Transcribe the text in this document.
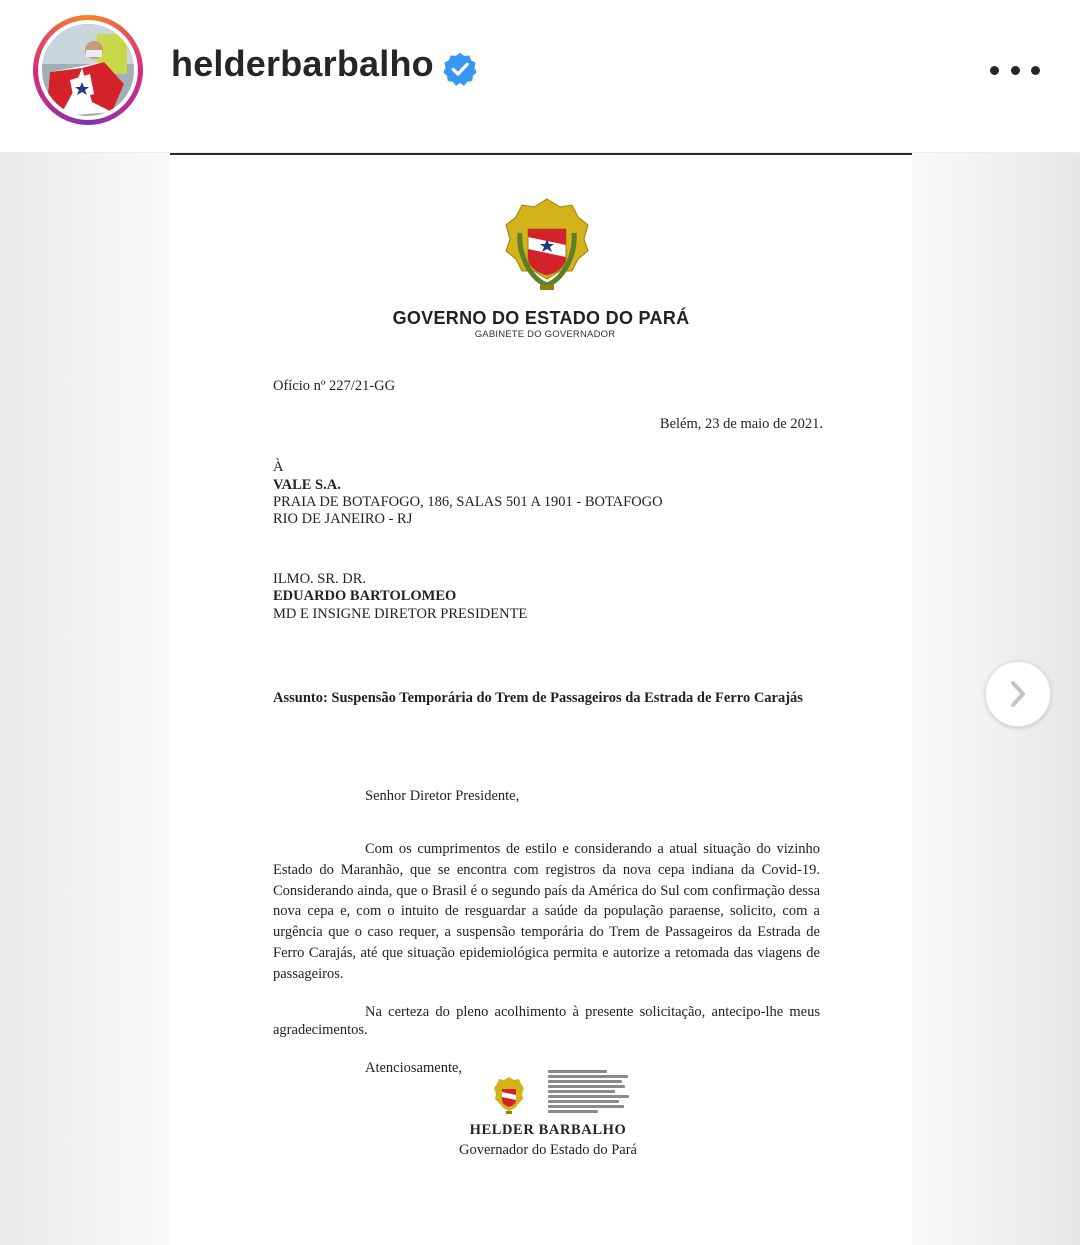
helderbarbalho
GOVERNO DO ESTADO DO PARÁ
GABINETE DO GOVERNADOR
Ofício nº 227/21-GG
Belém, 23 de maio de 2021.
À
VALE S.A.
PRAIA DE BOTAFOGO, 186, SALAS 501 A 1901 - BOTAFOGO
RIO DE JANEIRO - RJ
ILMO. SR. DR.
EDUARDO BARTOLOMEO
MD E INSIGNE DIRETOR PRESIDENTE
Assunto: Suspensão Temporária do Trem de Passageiros da Estrada de Ferro Carajás
Senhor Diretor Presidente,
Com os cumprimentos de estilo e considerando a atual situação do vizinho Estado do Maranhão, que se encontra com registros da nova cepa indiana da Covid-19. Considerando ainda, que o Brasil é o segundo país da América do Sul com confirmação dessa nova cepa e, com o intuito de resguardar a saúde da população paraense, solicito, com a urgência que o caso requer, a suspensão temporária do Trem de Passageiros da Estrada de Ferro Carajás, até que situação epidemiológica permita e autorize a retomada das viagens de passageiros.
Na certeza do pleno acolhimento à presente solicitação, antecipo-lhe meus agradecimentos.
Atenciosamente,
HELDER BARBALHO
Governador do Estado do Pará
